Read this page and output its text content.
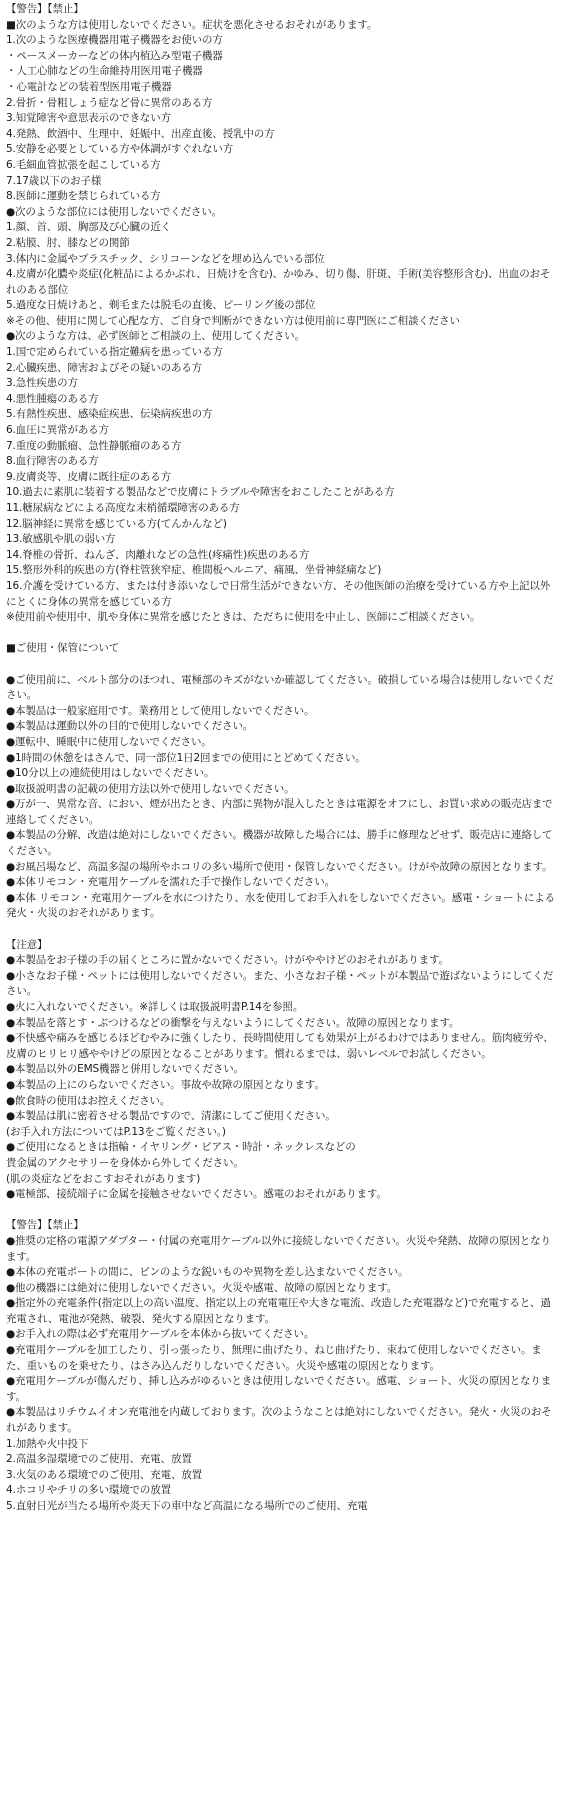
【警告】【禁止】
■次のような方は使用しないでください。症状を悪化させるおそれがあります。
1.次のような医療機器用電子機器をお使いの方
・ペースメーカーなどの体内植込み型電子機器
・人工心肺などの生命維持用医用電子機器
・心電計などの装着型医用電子機器
2.骨折・骨粗しょう症など骨に異常のある方
3.知覚障害や意思表示のできない方
4.発熱、飲酒中、生理中、妊娠中、出産直後、授乳中の方
5.安静を必要としている方や体調がすぐれない方
6.毛細血管拡張を起こしている方
7.17歳以下のお子様
8.医師に運動を禁じられている方
●次のような部位には使用しないでください。
1.顔、首、頭、胸部及び心臓の近く
2.粘膜、肘、膝などの関節
3.体内に金属やプラスチック、シリコーンなどを埋め込んでいる部位
4.皮膚が化膿や炎症(化粧品によるかぶれ、日焼けを含む)、かゆみ、切り傷、肝斑、手術(美容整形含む)、出血のおそれのある部位
5.過度な日焼けあと、剃毛または脱毛の直後、ピーリング後の部位
※その他、使用に関して心配な方、ご自身で判断ができない方は使用前に専門医にご相談ください
●次のような方は、必ず医師とご相談の上、使用してください。
1.国で定められている指定難病を患っている方
2.心臓疾患、障害およびその疑いのある方
3.急性疾患の方
4.悪性腫瘍のある方
5.有熱性疾患、感染症疾患、伝染病疾患の方
6.血圧に異常がある方
7.重度の動脈瘤、急性静脈瘤のある方
8.血行障害のある方
9.皮膚炎等、皮膚に既往症のある方
10.過去に素肌に装着する製品などで皮膚にトラブルや障害をおこしたことがある方
11.糖尿病などによる高度な末梢循環障害のある方
12.脳神経に異常を感じている方(てんかんなど)
13.敏感肌や肌の弱い方
14.脊椎の骨折、ねんざ、肉離れなどの急性(疼痛性)疾患のある方
15.整形外科的疾患の方(脊柱管狭窄症、椎間板ヘルニア、痛風、坐骨神経痛など)
16.介護を受けている方、または付き添いなしで日常生活ができない方、その他医師の治療を受けている方や上記以外にとくに身体の異常を感じている方
※使用前や使用中、肌や身体に異常を感じたときは、ただちに使用を中止し、医師にご相談ください。
■ご使用・保管について
●ご使用前に、ベルト部分のほつれ、電極部のキズがないか確認してください。破損している場合は使用しないでください。
●本製品は一般家庭用です。業務用として使用しないでください。
●本製品は運動以外の目的で使用しないでください。
●運転中、睡眠中に使用しないでください。
●1時間の休憩をはさんで、同一部位1日2回までの使用にとどめてください。
●10分以上の連続使用はしないでください。
●取扱説明書の記載の使用方法以外で使用しないでください。
●万が一、異常な音、におい、煙が出たとき、内部に異物が混入したときは電源をオフにし、お買い求めの販売店まで連絡してください。
●本製品の分解、改造は絶対にしないでください。機器が故障した場合には、勝手に修理などせず、販売店に連絡してください。
●お風呂場など、高温多湿の場所やホコリの多い場所で使用・保管しないでください。けがや故障の原因となります。
●本体リモコン・充電用ケーブルを濡れた手で操作しないでください。
●本体 リモコン・充電用ケーブルを水につけたり、水を使用してお手入れをしないでください。感電・ショートによる発火・火災のおそれがあります。
【注意】
●本製品をお子様の手の届くところに置かないでください。けがややけどのおそれがあります。
●小さなお子様・ペットには使用しないでください。また、小さなお子様・ペットが本製品で遊ばないようにしてください。
●火に入れないでください。※詳しくは取扱説明書P.14を参照。
●本製品を落とす・ぶつけるなどの衝撃を与えないようにしてください。故障の原因となります。
●不快感や痛みを感じるほどむやみに強くしたり、長時間使用しても効果が上がるわけではありません。筋肉疲労や、皮膚のヒリヒリ感ややけどの原因となることがあります。慣れるまでは、弱いレベルでお試しください。
●本製品以外のEMS機器と併用しないでください。
●本製品の上にのらないでください。事故や故障の原因となります。
●飲食時の使用はお控えください。
●本製品は肌に密着させる製品ですので、清潔にしてご使用ください。
(お手入れ方法についてはP.13をご覧ください。)
●ご使用になるときは指輪・イヤリング・ピアス・時計・ネックレスなどの
貴金属のアクセサリーを身体から外してください。
(肌の炎症などをおこすおそれがあります)
●電極部、接続端子に金属を接触させないでください。感電のおそれがあります。
【警告】【禁止】
●推奨の定格の電源アダプター・付属の充電用ケーブル以外に接続しないでください。火災や発熱、故障の原因となります。
●本体の充電ポートの間に、ピンのような鋭いものや異物を差し込まないでください。
●他の機器には絶対に使用しないでください。火災や感電、故障の原因となります。
●指定外の充電条件(指定以上の高い温度、指定以上の充電電圧や大きな電流、改造した充電器など)で充電すると、過充電され、電池が発熱、破裂、発火する原因となります。
●お手入れの際は必ず充電用ケーブルを本体から抜いてください。
●充電用ケーブルを加工したり、引っ張ったり、無理に曲げたり、ねじ曲げたり、束ねて使用しないでください。また、重いものを乗せたり、はさみ込んだりしないでください。火災や感電の原因となります。
●充電用ケーブルが傷んだり、挿し込みがゆるいときは使用しないでください。感電、ショート、火災の原因となります。
●本製品はリチウムイオン充電池を内蔵しております。次のようなことは絶対にしないでください。発火・火災のおそれがあります。
1.加熱や火中投下
2.高温多湿環境でのご使用、充電、放置
3.火気のある環境でのご使用、充電、放置
4.ホコリやチリの多い環境での放置
5.直射日光が当たる場所や炎天下の車中など高温になる場所でのご使用、充電
